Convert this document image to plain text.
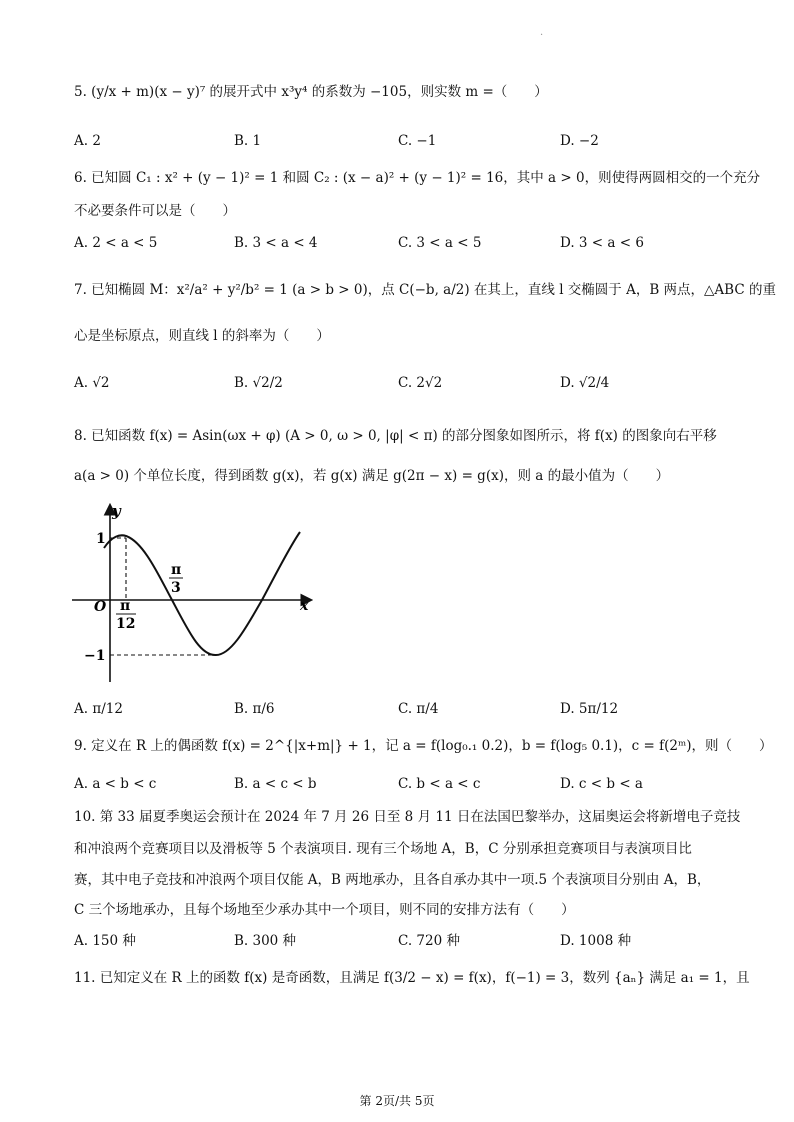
·
5. (y/x + m)(x − y)⁷ 的展开式中 x³y⁴ 的系数为 −105，则实数 m =（　　）
A. 2	B. 1	C. −1	D. −2
6. 已知圆 C₁ : x² + (y − 1)² = 1 和圆 C₂ : (x − a)² + (y − 1)² = 16，其中 a > 0，则使得两圆相交的一个充分
不必要条件可以是（　　）
A. 2 < a < 5	B. 3 < a < 4	C. 3 < a < 5	D. 3 < a < 6
7. 已知椭圆 M：x²/a² + y²/b² = 1 (a > b > 0)，点 C(−b, a/2) 在其上，直线 l 交椭圆于 A，B 两点，△ABC 的重
心是坐标原点，则直线 l 的斜率为（　　）
A. √2	B. √2/2	C. 2√2	D. √2/4
8. 已知函数 f(x) = Asin(ωx + φ) (A > 0, ω > 0, |φ| < π) 的部分图象如图所示，将 f(x) 的图象向右平移
a(a > 0) 个单位长度，得到函数 g(x)，若 g(x) 满足 g(2π − x) = g(x)，则 a 的最小值为（　　）
y
x
O
1
−1
π
12
π
3
A. π/12	B. π/6	C. π/4	D. 5π/12
9. 定义在 R 上的偶函数 f(x) = 2^{|x+m|} + 1，记 a = f(log₀.₁ 0.2)，b = f(log₅ 0.1)，c = f(2ᵐ)，则（　　）
A. a < b < c	B. a < c < b	C. b < a < c	D. c < b < a
10. 第 33 届夏季奥运会预计在 2024 年 7 月 26 日至 8 月 11 日在法国巴黎举办，这届奥运会将新增电子竞技
和冲浪两个竞赛项目以及滑板等 5 个表演项目. 现有三个场地 A，B，C 分别承担竞赛项目与表演项目比
赛，其中电子竞技和冲浪两个项目仅能 A，B 两地承办，且各自承办其中一项.5 个表演项目分别由 A，B，
C 三个场地承办，且每个场地至少承办其中一个项目，则不同的安排方法有（　　）
A. 150 种	B. 300 种	C. 720 种	D. 1008 种
11. 已知定义在 R 上的函数 f(x) 是奇函数，且满足 f(3/2 − x) = f(x)，f(−1) = 3，数列 {aₙ} 满足 a₁ = 1，且
第 2页/共 5页
